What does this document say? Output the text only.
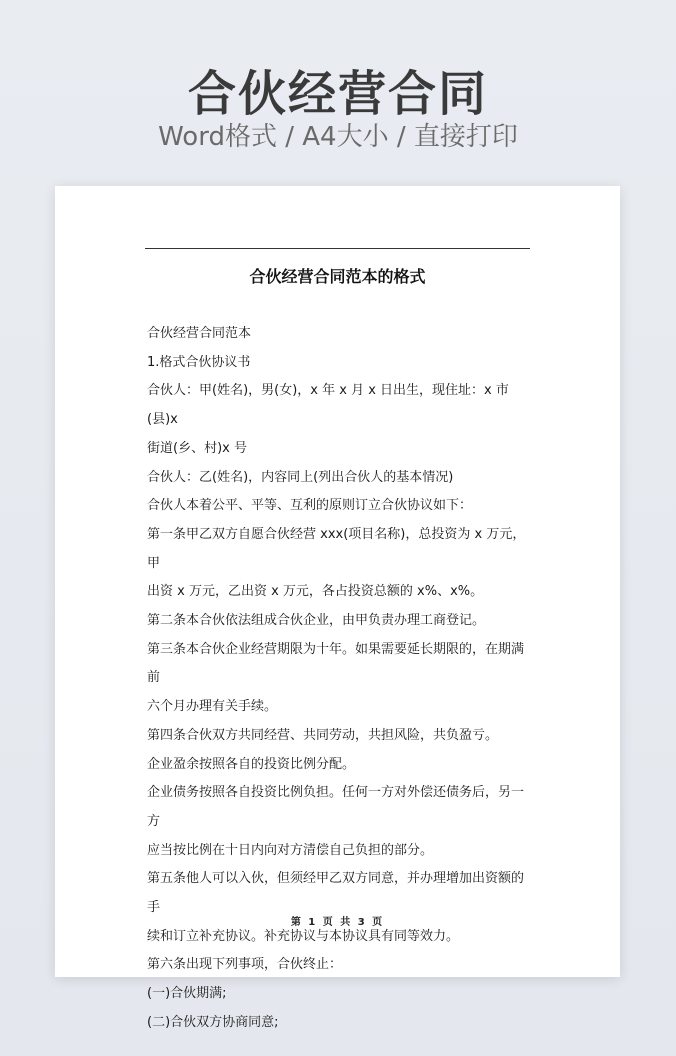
合伙经营合同
Word格式 / A4大小 / 直接打印
合伙经营合同范本的格式

合伙经营合同范本

1.格式合伙协议书

合伙人：甲(姓名)，男(女)，x 年 x 月 x 日出生，现住址：x 市(县)x

街道(乡、村)x 号

合伙人：乙(姓名)，内容同上(列出合伙人的基本情况)

合伙人本着公平、平等、互利的原则订立合伙协议如下：

第一条甲乙双方自愿合伙经营 xxx(项目名称)，总投资为 x 万元，甲

出资 x 万元，乙出资 x 万元，各占投资总额的 x%、x%。

第二条本合伙依法组成合伙企业，由甲负责办理工商登记。

第三条本合伙企业经营期限为十年。如果需要延长期限的，在期满前

六个月办理有关手续。

第四条合伙双方共同经营、共同劳动，共担风险，共负盈亏。

企业盈余按照各自的投资比例分配。

企业债务按照各自投资比例负担。任何一方对外偿还债务后，另一方

应当按比例在十日内向对方清偿自己负担的部分。

第五条他人可以入伙，但须经甲乙双方同意，并办理增加出资额的手

续和订立补充协议。补充协议与本协议具有同等效力。

第六条出现下列事项，合伙终止：

(一)合伙期满;

(二)合伙双方协商同意;

第 1 页 共 3 页
